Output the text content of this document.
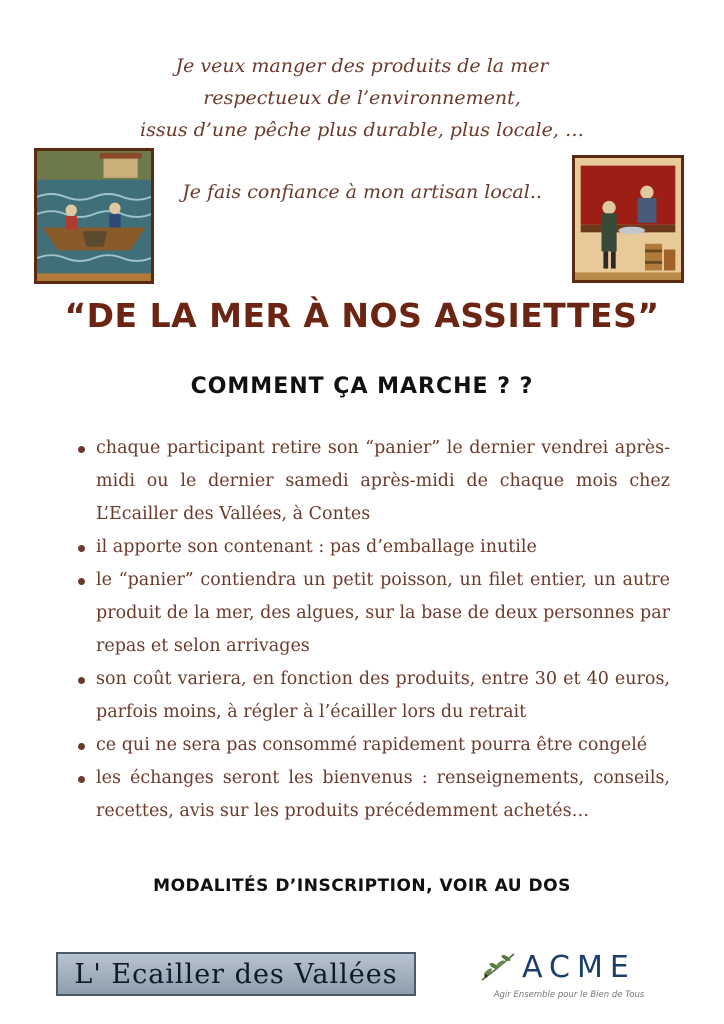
Je veux manger des produits de la mer
respectueux de l’environnement,
issus d’une pêche plus durable, plus locale, …
Je fais confiance à mon artisan local..
“DE LA MER À NOS ASSIETTES”
COMMENT ÇA MARCHE ? ?
chaque participant retire son “panier” le dernier vendrei après-midi ou le dernier samedi après-midi de chaque mois chez L’Ecailler des Vallées, à Contes
il apporte son contenant : pas d’emballage inutile
le “panier” contiendra un petit poisson, un filet entier, un autre produit de la mer, des algues, sur la base de deux personnes par repas et selon arrivages
son coût variera, en fonction des produits, entre 30 et 40 euros, parfois moins, à régler à l’écailler lors du retrait
ce qui ne sera pas consommé rapidement pourra être congelé
les échanges seront les bienvenus : renseignements, conseils, recettes, avis sur les produits précédemment achetés…
MODALITÉS D’INSCRIPTION, VOIR AU DOS
L' Ecailler des Vallées	ACME
Agir Ensemble pour le Bien de Tous
